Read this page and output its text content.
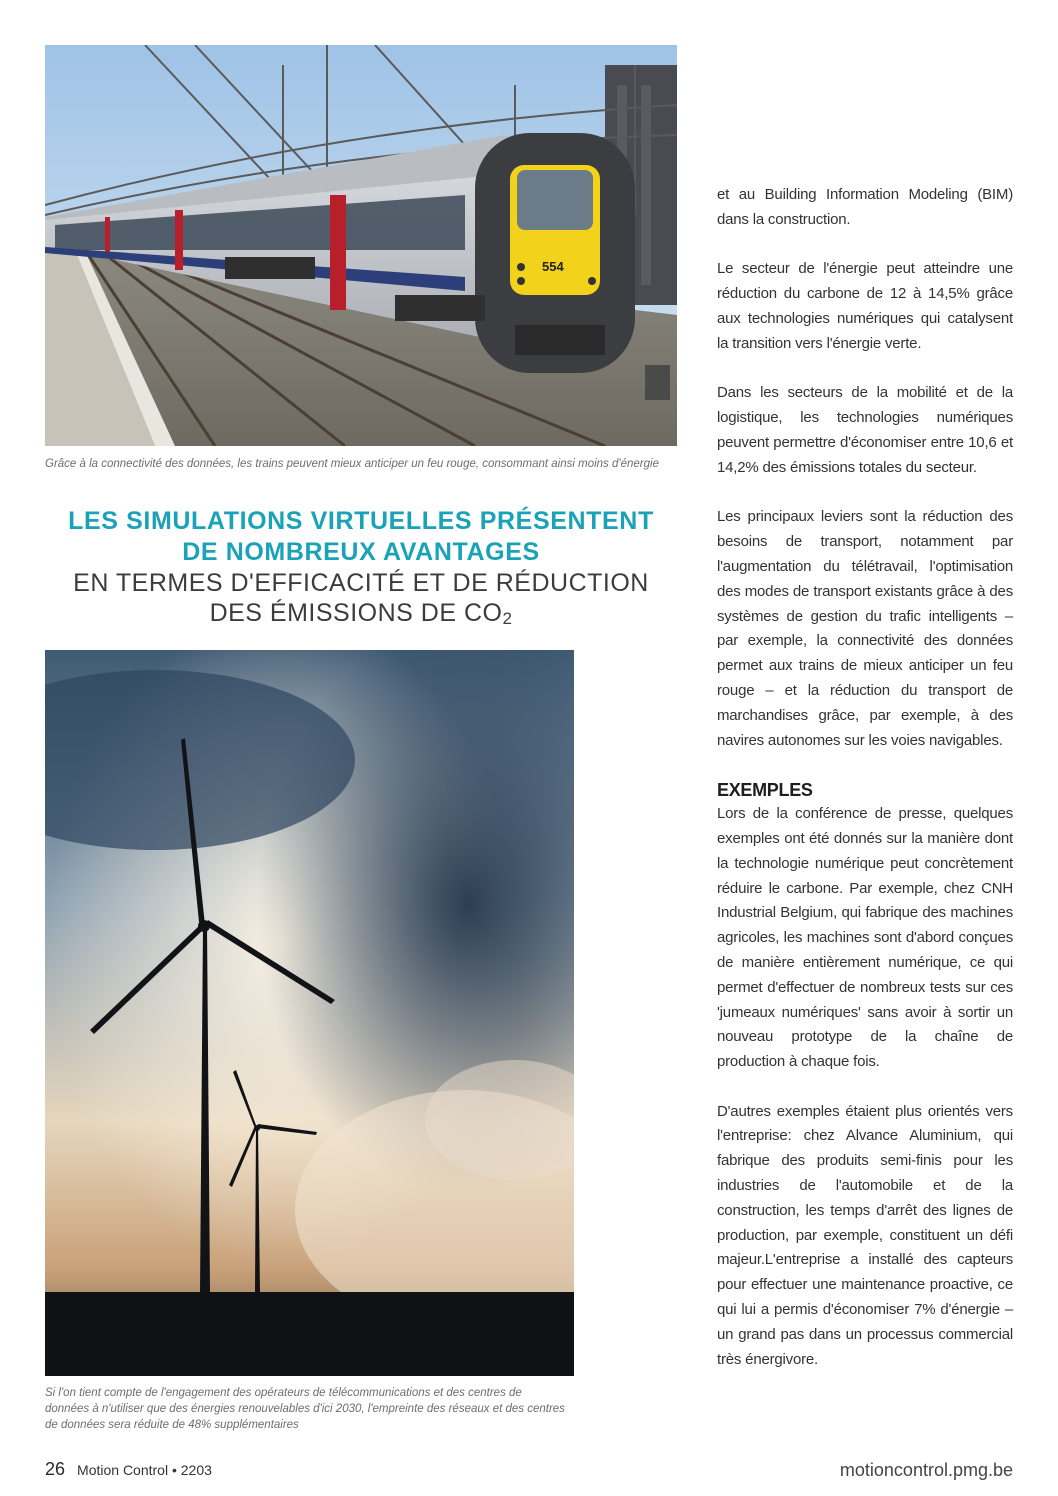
554
Grâce à la connectivité des données, les trains peuvent mieux anticiper un feu rouge, consommant ainsi moins d'énergie
LES SIMULATIONS VIRTUELLES PRÉSENTENT
DE NOMBREUX AVANTAGES
EN TERMES D'EFFICACITÉ ET DE RÉDUCTION
DES ÉMISSIONS DE $CO_2$
Si l'on tient compte de l'engagement des opérateurs de télécommunications et des centres de données à n'utiliser que des énergies renouvelables d'ici 2030, l'empreinte des réseaux et des centres de données sera réduite de 48% supplémentaires

et au Building Information Modeling (BIM) dans la construction.

Le secteur de l'énergie peut atteindre une réduction du carbone de 12 à 14,5% grâce aux technologies numériques qui catalysent la transition vers l'énergie verte.

Dans les secteurs de la mobilité et de la logistique, les technologies numériques peuvent permettre d'économiser entre 10,6 et 14,2% des émissions totales du secteur.

Les principaux leviers sont la réduction des besoins de transport, notamment par l'augmentation du télétravail, l'optimisation des modes de transport existants grâce à des systèmes de gestion du trafic intelligents – par exemple, la connectivité des données permet aux trains de mieux anticiper un feu rouge – et la réduction du transport de marchandises grâce, par exemple, à des navires autonomes sur les voies navigables.

EXEMPLES

Lors de la conférence de presse, quelques exemples ont été donnés sur la manière dont la technologie numérique peut concrètement réduire le carbone. Par exemple, chez CNH Industrial Belgium, qui fabrique des machines agricoles, les machines sont d'abord conçues de manière entièrement numérique, ce qui permet d'effectuer de nombreux tests sur ces 'jumeaux numériques' sans avoir à sortir un nouveau prototype de la chaîne de production à chaque fois.

D'autres exemples étaient plus orientés vers l'entreprise: chez Alvance Aluminium, qui fabrique des produits semi-finis pour les industries de l'automobile et de la construction, les temps d'arrêt des lignes de production, par exemple, constituent un défi majeur.L'entreprise a installé des capteurs pour effectuer une maintenance proactive, ce qui lui a permis d'économiser 7% d'énergie – un grand pas dans un processus commercial très énergivore.

26 Motion Control • 2203	motioncontrol.pmg.be
